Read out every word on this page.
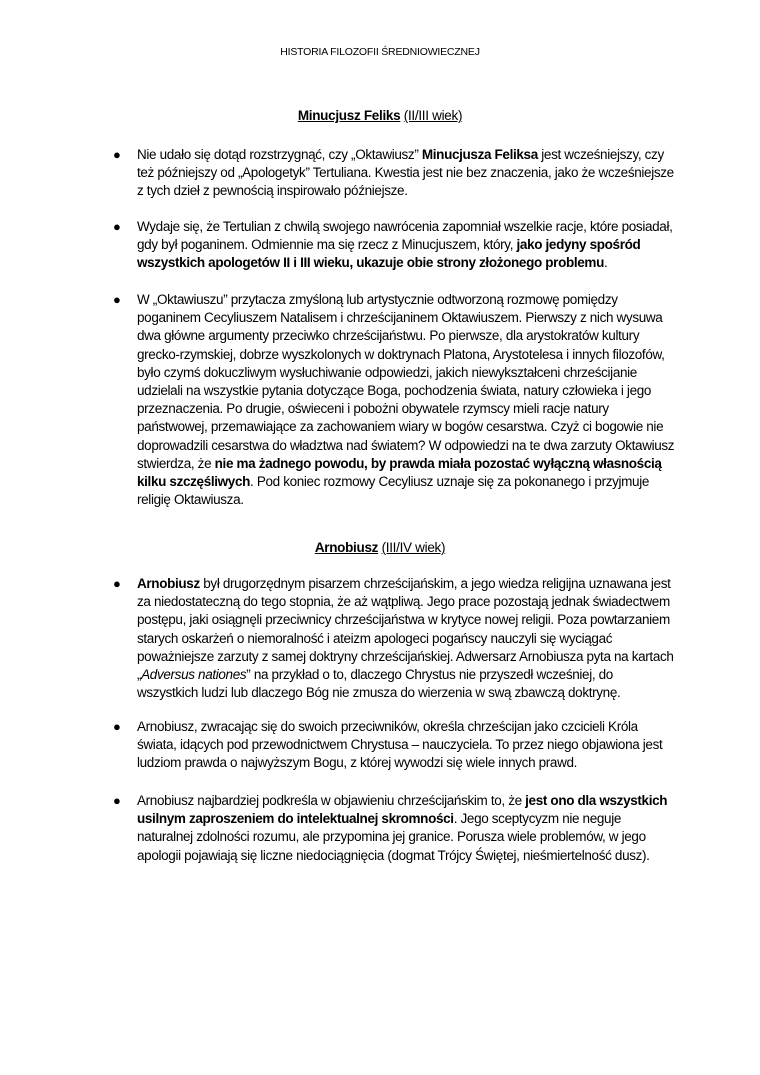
HISTORIA FILOZOFII ŚREDNIOWIECZNEJ
Minucjusz Feliks (II/III wiek)
● Nie udało się dotąd rozstrzygnąć, czy „Oktawiusz” Minucjusza Feliksa jest wcześniejszy, czy też późniejszy od „Apologetyk” Tertuliana. Kwestia jest nie bez znaczenia, jako że wcześniejsze z tych dzieł z pewnością inspirowało późniejsze.
● Wydaje się, że Tertulian z chwilą swojego nawrócenia zapomniał wszelkie racje, które posiadał, gdy był poganinem. Odmiennie ma się rzecz z Minucjuszem, który, jako jedyny spośród wszystkich apologetów II i III wieku, ukazuje obie strony złożonego problemu.
● W „Oktawiuszu” przytacza zmyśloną lub artystycznie odtworzoną rozmowę pomiędzy poganinem Cecyliuszem Natalisem i chrześcijaninem Oktawiuszem. Pierwszy z nich wysuwa dwa główne argumenty przeciwko chrześcijaństwu. Po pierwsze, dla arystokratów kultury grecko-rzymskiej, dobrze wyszkolonych w doktrynach Platona, Arystotelesa i innych filozofów, było czymś dokuczliwym wysłuchiwanie odpowiedzi, jakich niewykształceni chrześcijanie udzielali na wszystkie pytania dotyczące Boga, pochodzenia świata, natury człowieka i jego przeznaczenia. Po drugie, oświeceni i pobożni obywatele rzymscy mieli racje natury państwowej, przemawiające za zachowaniem wiary w bogów cesarstwa. Czyż ci bogowie nie doprowadzili cesarstwa do władztwa nad światem? W odpowiedzi na te dwa zarzuty Oktawiusz stwierdza, że nie ma żadnego powodu, by prawda miała pozostać wyłączną własnością kilku szczęśliwych. Pod koniec rozmowy Cecyliusz uznaje się za pokonanego i przyjmuje religię Oktawiusza.
Arnobiusz (III/IV wiek)
● Arnobiusz był drugorzędnym pisarzem chrześcijańskim, a jego wiedza religijna uznawana jest za niedostateczną do tego stopnia, że aż wątpliwą. Jego prace pozostają jednak świadectwem postępu, jaki osiągnęli przeciwnicy chrześcijaństwa w krytyce nowej religii. Poza powtarzaniem starych oskarżeń o niemoralność i ateizm apologeci pogańscy nauczyli się wyciągać poważniejsze zarzuty z samej doktryny chrześcijańskiej. Adwersarz Arnobiusza pyta na kartach „Adversus nationes” na przykład o to, dlaczego Chrystus nie przyszedł wcześniej, do wszystkich ludzi lub dlaczego Bóg nie zmusza do wierzenia w swą zbawczą doktrynę.
● Arnobiusz, zwracając się do swoich przeciwników, określa chrześcijan jako czcicieli Króla świata, idących pod przewodnictwem Chrystusa – nauczyciela. To przez niego objawiona jest ludziom prawda o najwyższym Bogu, z której wywodzi się wiele innych prawd.
● Arnobiusz najbardziej podkreśla w objawieniu chrześcijańskim to, że jest ono dla wszystkich usilnym zaproszeniem do intelektualnej skromności. Jego sceptycyzm nie neguje naturalnej zdolności rozumu, ale przypomina jej granice. Porusza wiele problemów, w jego apologii pojawiają się liczne niedociągnięcia (dogmat Trójcy Świętej, nieśmiertelność dusz).
